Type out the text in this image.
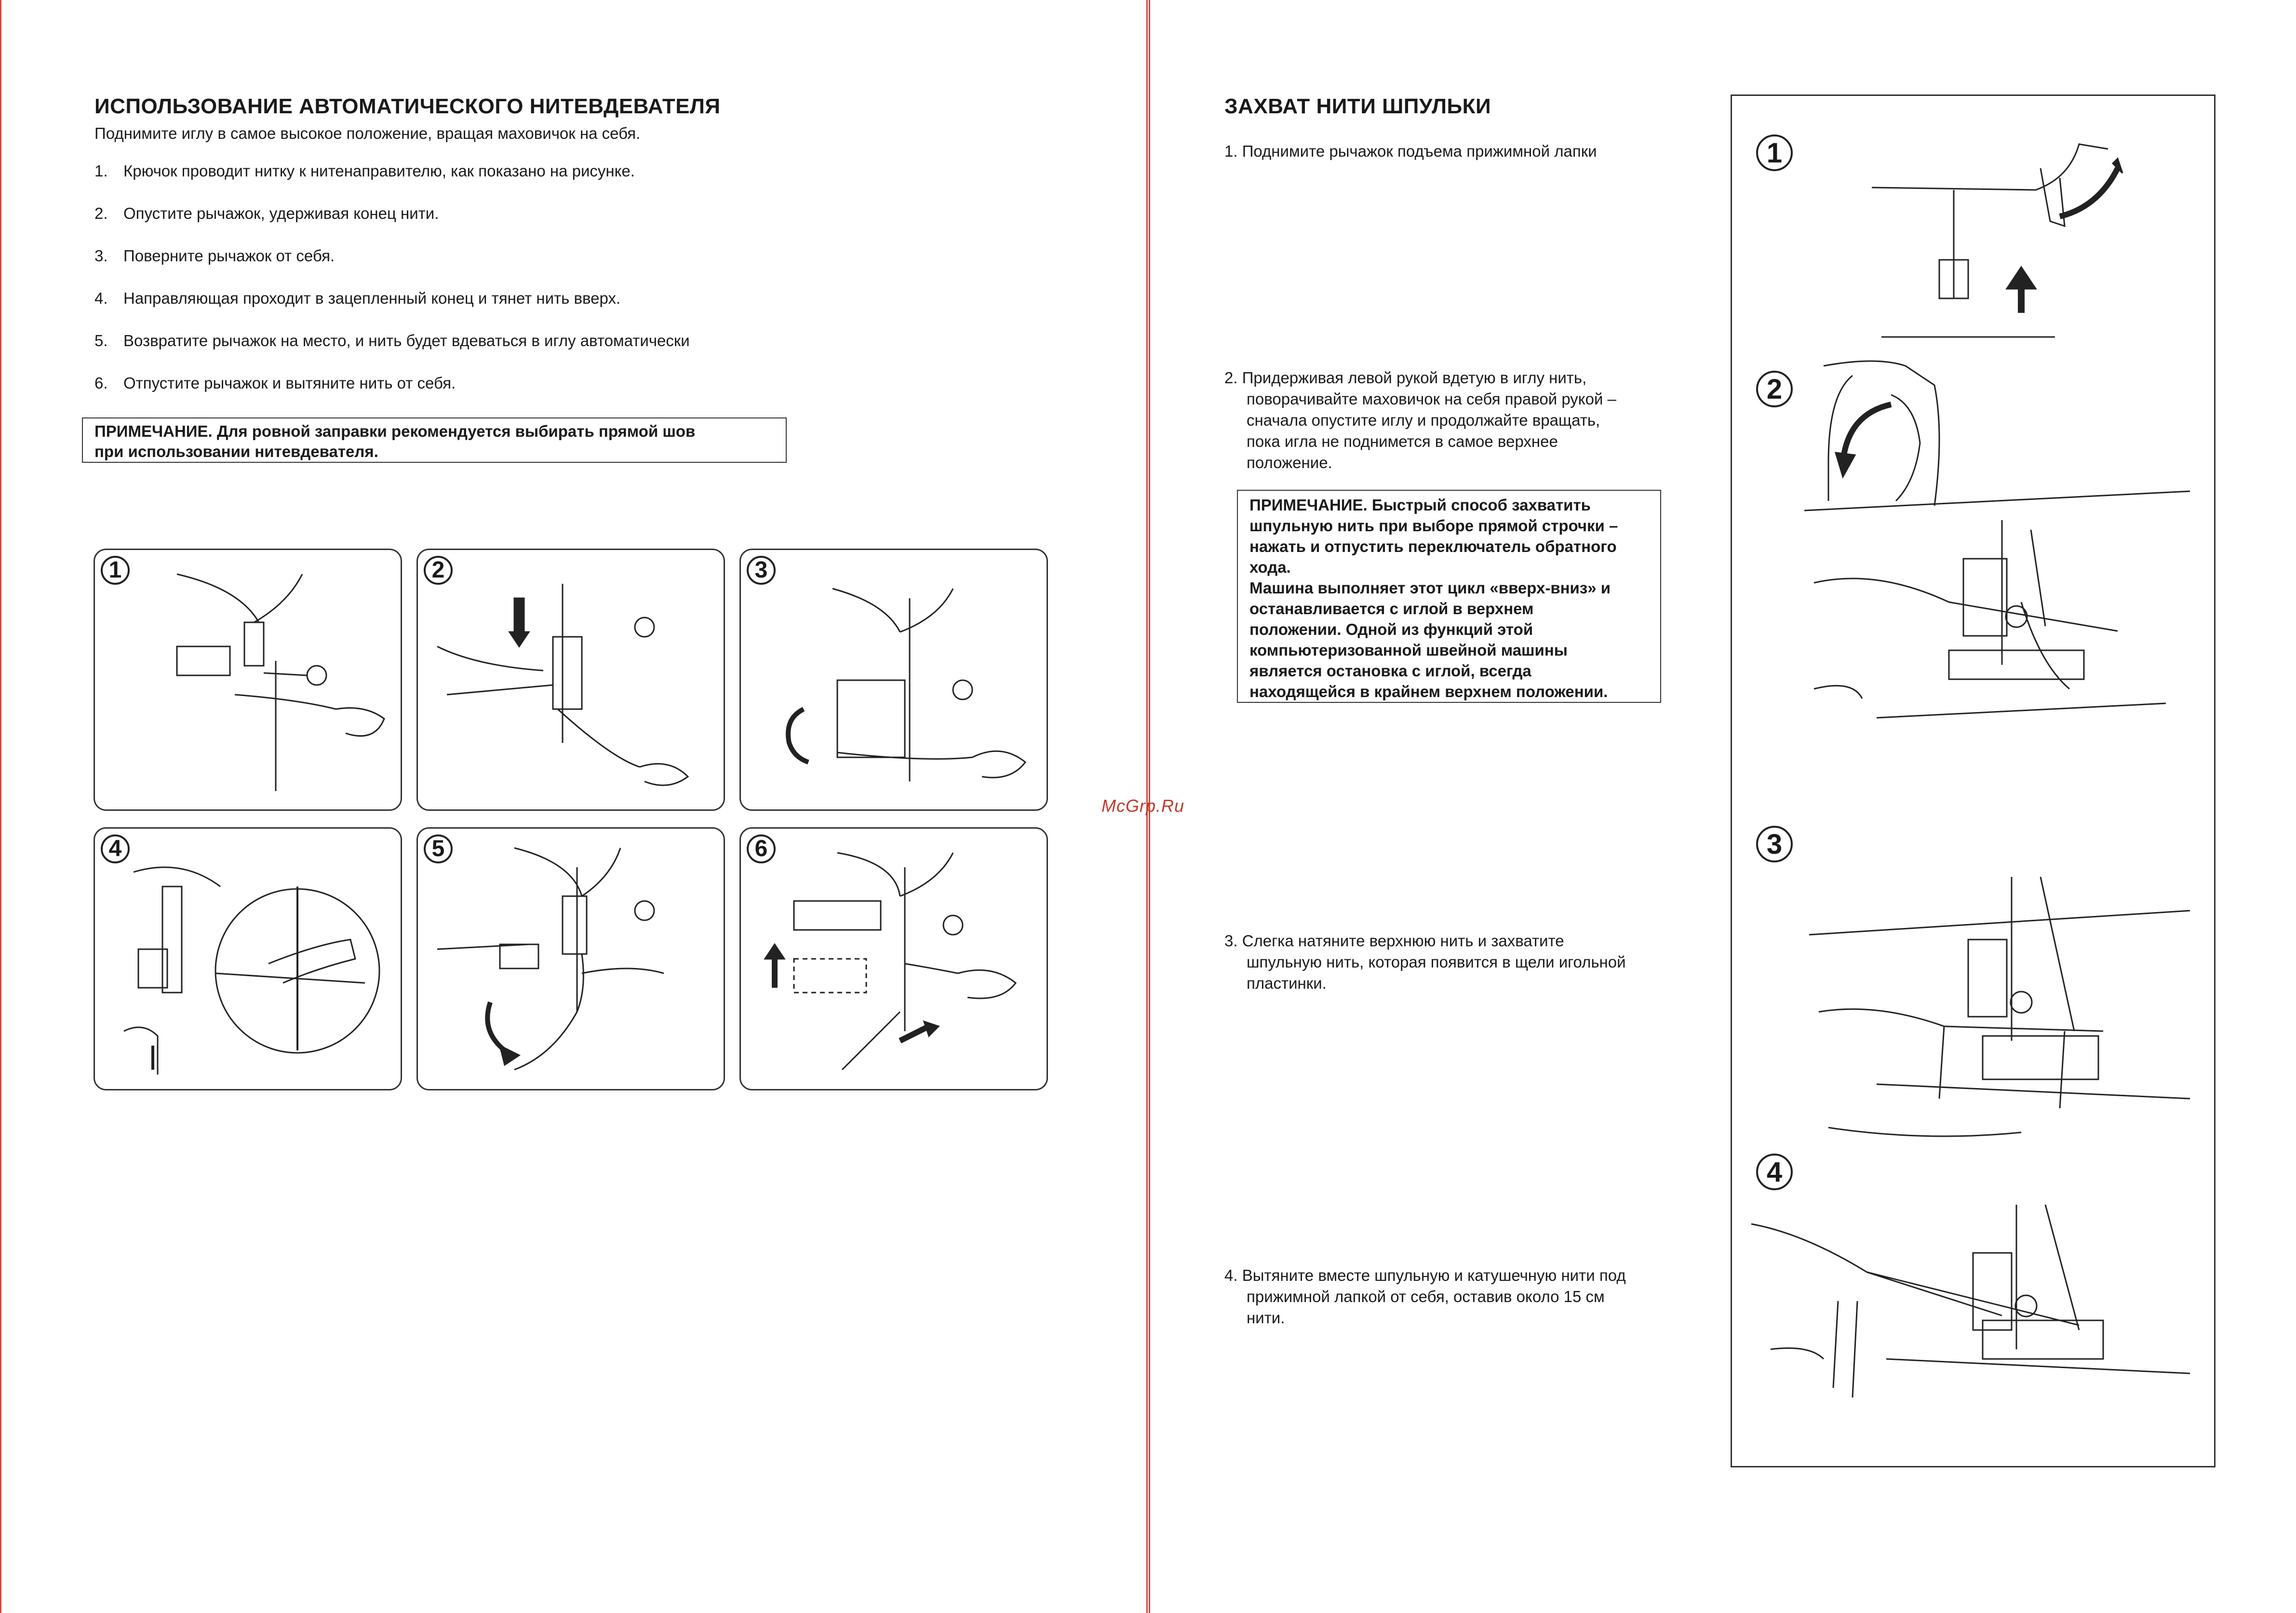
ИСПОЛЬЗОВАНИЕ АВТОМАТИЧЕСКОГО НИТЕВДЕВАТЕЛЯ
Поднимите иглу в самое высокое положение, вращая маховичок на себя.
1. Крючок проводит нитку к нитенаправителю, как показано на рисунке.
2. Опустите рычажок, удерживая конец нити.
3. Поверните рычажок от себя.
4. Направляющая проходит в зацепленный конец и тянет нить вверх.
5. Возвратите рычажок на место, и нить будет вдеваться в иглу автоматически
6. Отпустите рычажок и вытяните нить от себя.
ПРИМЕЧАНИЕ. Для ровной заправки рекомендуется выбирать прямой шов
при использовании нитевдевателя.
1	2	3
4	5	6
McGrp.Ru
ЗАХВАТ НИТИ ШПУЛЬКИ
1. Поднимите рычажок подъема прижимной лапки
2. Придерживая левой рукой вдетую в иглу нить,
поворачивайте маховичок на себя правой рукой –
сначала опустите иглу и продолжайте вращать,
пока игла не поднимется в самое верхнее
положение.
ПРИМЕЧАНИЕ. Быстрый способ захватить
шпульную нить при выборе прямой строчки –
нажать и отпустить переключатель обратного
хода.
Машина выполняет этот цикл «вверх-вниз» и
останавливается с иглой в верхнем
положении. Одной из функций этой
компьютеризованной швейной машины
является остановка с иглой, всегда
находящейся в крайнем верхнем положении.
3. Слегка натяните верхнюю нить и захватите
шпульную нить, которая появится в щели игольной
пластинки.
4. Вытяните вместе шпульную и катушечную нити под
прижимной лапкой от себя, оставив около 15 см
нити.
1
2
3
4
